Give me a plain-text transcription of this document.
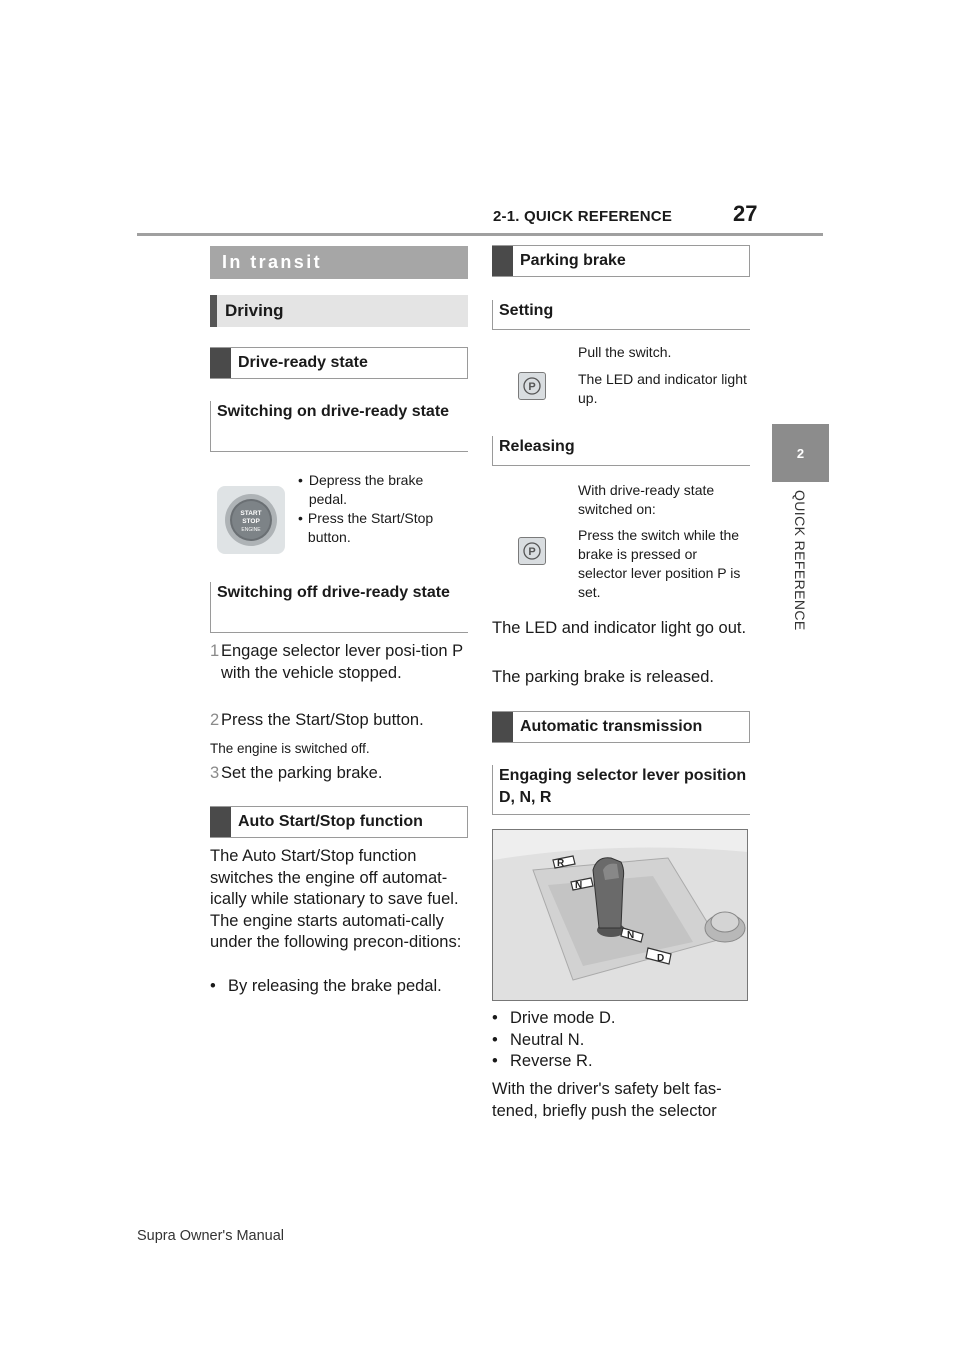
2-1. QUICK REFERENCE	27
2
QUICK REFERENCE
In transit
Driving
Drive-ready state
Switching on drive-ready state
START
STOP
ENGINE
• Depress the brake pedal.
• Press the Start/Stop button.
Switching off drive-ready state
1 Engage selector lever posi-tion P with the vehicle stopped.
2 Press the Start/Stop button.
The engine is switched off.
3 Set the parking brake.
Auto Start/Stop function
The Auto Start/Stop function switches the engine off automat-ically while stationary to save fuel. The engine starts automati-cally under the following precon-ditions:
• By releasing the brake pedal.
Parking brake
Setting
P
Pull the switch.
The LED and indicator light up.
Releasing
P
With drive-ready state switched on:
Press the switch while the brake is pressed or selector lever position P is set.
The LED and indicator light go out.
The parking brake is released.
Automatic transmission
Engaging selector lever position D, N, R
R
N
N
D
• Drive mode D.
• Neutral N.
• Reverse R.
With the driver's safety belt fas-tened, briefly push the selector
Supra Owner's Manual
